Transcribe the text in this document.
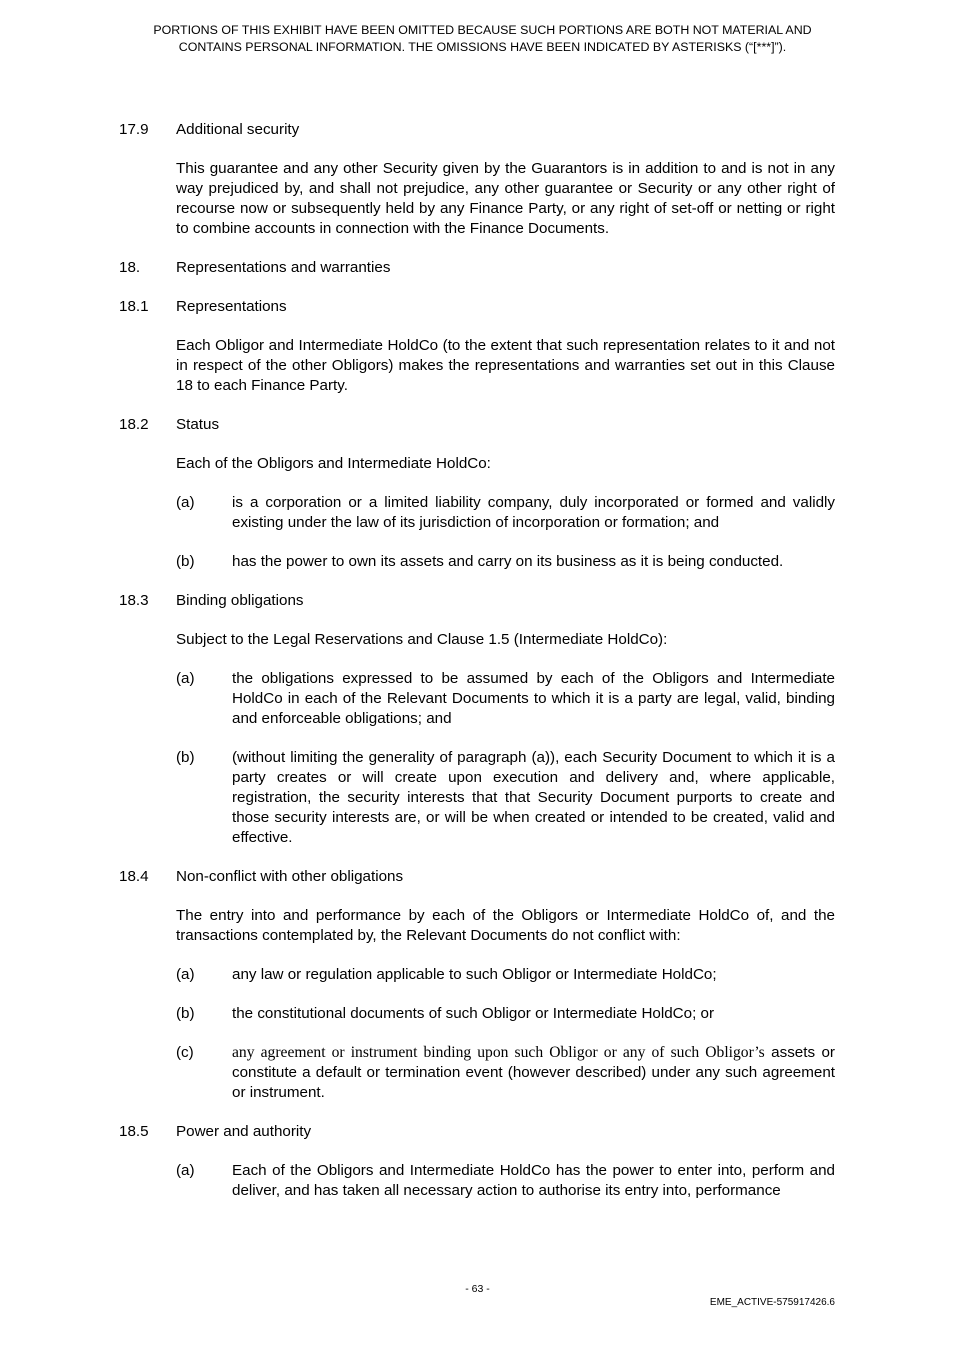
PORTIONS OF THIS EXHIBIT HAVE BEEN OMITTED BECAUSE SUCH PORTIONS ARE BOTH NOT MATERIAL AND
CONTAINS PERSONAL INFORMATION. THE OMISSIONS HAVE BEEN INDICATED BY ASTERISKS (“[***]”).
17.9	Additional security
This guarantee and any other Security given by the Guarantors is in addition to and is not in any way prejudiced by, and shall not prejudice, any other guarantee or Security or any other right of recourse now or subsequently held by any Finance Party, or any right of set-off or netting or right to combine accounts in connection with the Finance Documents.
18.	Representations and warranties
18.1	Representations
Each Obligor and Intermediate HoldCo (to the extent that such representation relates to it and not in respect of the other Obligors) makes the representations and warranties set out in this Clause 18 to each Finance Party.
18.2	Status
Each of the Obligors and Intermediate HoldCo:
(a)	is a corporation or a limited liability company, duly incorporated or formed and validly existing under the law of its jurisdiction of incorporation or formation; and
(b)	has the power to own its assets and carry on its business as it is being conducted.
18.3	Binding obligations
Subject to the Legal Reservations and Clause 1.5 (Intermediate HoldCo):
(a)	the obligations expressed to be assumed by each of the Obligors and Intermediate HoldCo in each of the Relevant Documents to which it is a party are legal, valid, binding and enforceable obligations; and
(b)	(without limiting the generality of paragraph (a)), each Security Document to which it is a party creates or will create upon execution and delivery and, where applicable, registration, the security interests that that Security Document purports to create and those security interests are, or will be when created or intended to be created, valid and effective.
18.4	Non-conflict with other obligations
The entry into and performance by each of the Obligors or Intermediate HoldCo of, and the transactions contemplated by, the Relevant Documents do not conflict with:
(a)	any law or regulation applicable to such Obligor or Intermediate HoldCo;
(b)	the constitutional documents of such Obligor or Intermediate HoldCo; or
(c)	any agreement or instrument binding upon such Obligor or any of such Obligor’s assets or constitute a default or termination event (however described) under any such agreement or instrument.
18.5	Power and authority
(a)	Each of the Obligors and Intermediate HoldCo has the power to enter into, perform and deliver, and has taken all necessary action to authorise its entry into, performance
- 63 -
EME_ACTIVE-575917426.6
